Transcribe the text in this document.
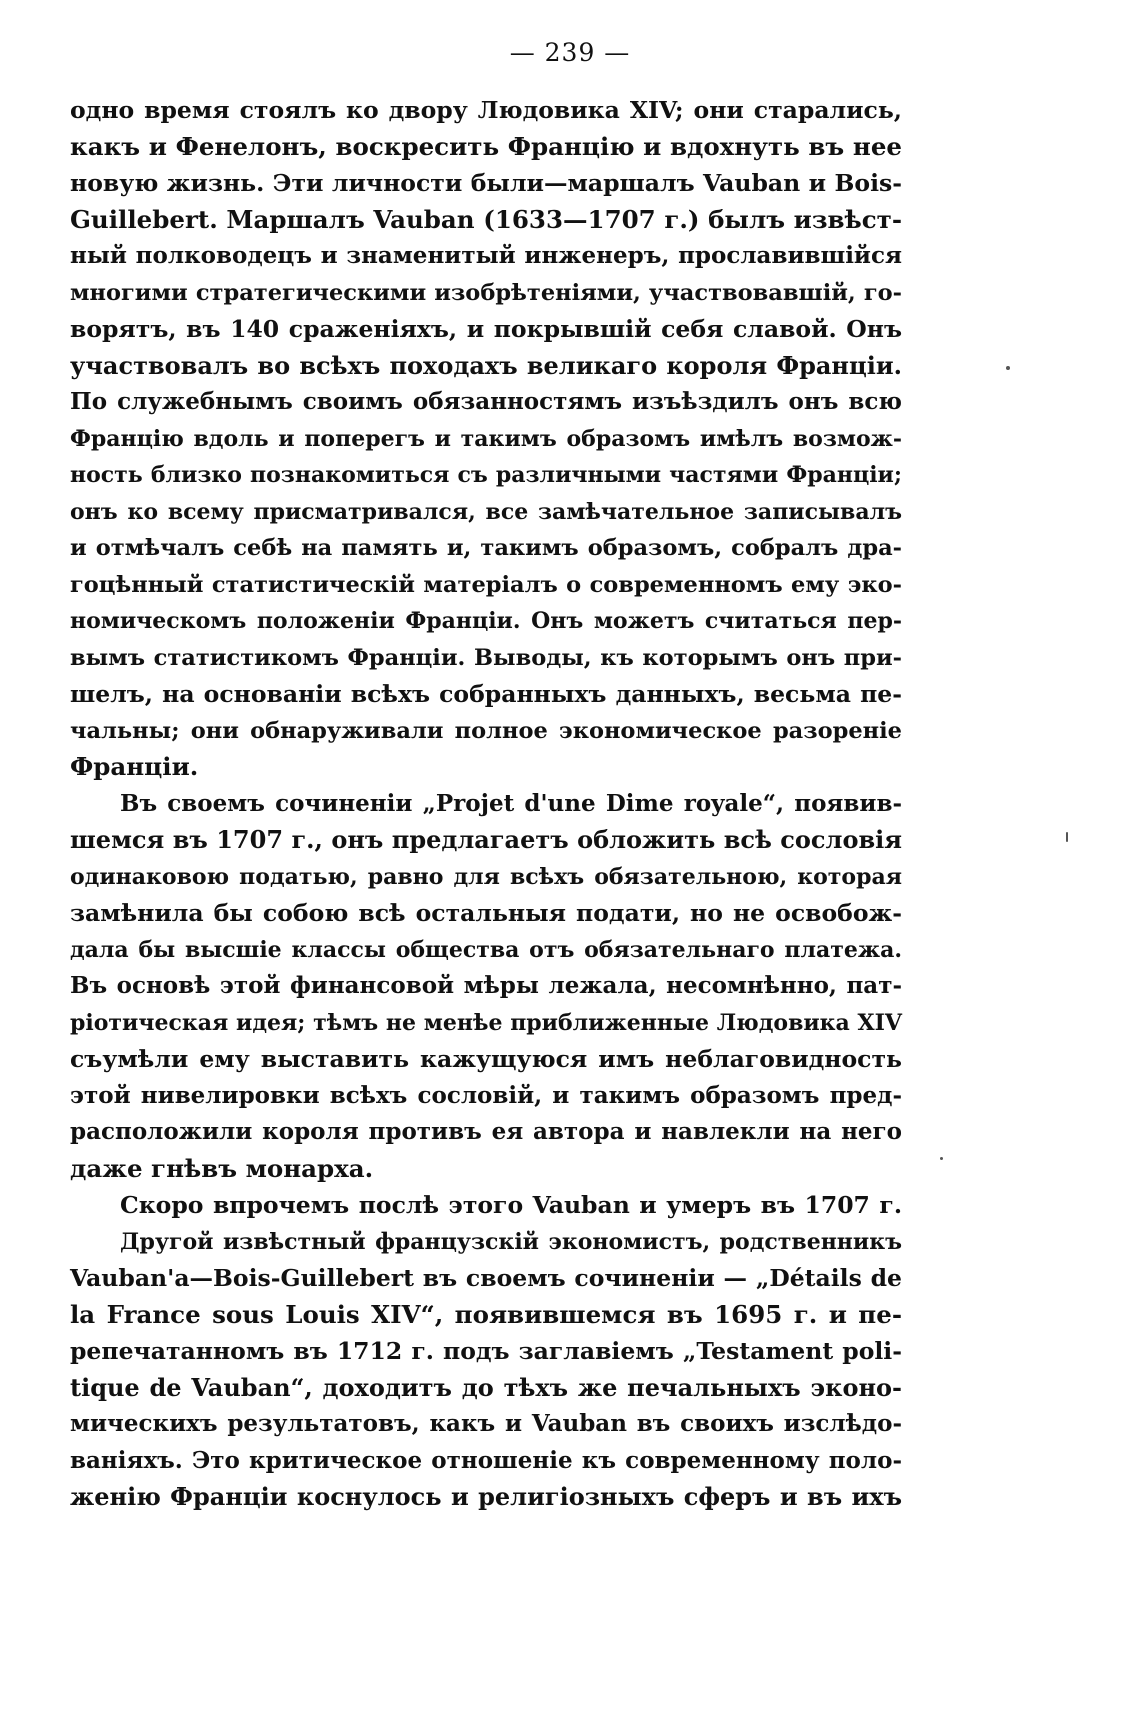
— 239 —
одно время стоялъ ко двору Людовика XIV; они старались,
какъ и Фенелонъ, воскресить Францію и вдохнуть въ нее
новую жизнь. Эти личности были—маршалъ Vauban и Bois-
Guillebert. Маршалъ Vauban (1633—1707 г.) былъ извѣст-
ный полководецъ и знаменитый инженеръ, прославившійся
многими стратегическими изобрѣтеніями, участвовавшій, го-
ворятъ, въ 140 сраженіяхъ, и покрывшій себя славой. Онъ
участвовалъ во всѣхъ походахъ великаго короля Франціи.
По служебнымъ своимъ обязанностямъ изъѣздилъ онъ всю
Францію вдоль и поперегъ и такимъ образомъ имѣлъ возмож-
ность близко познакомиться съ различными частями Франціи;
онъ ко всему присматривался, все замѣчательное записывалъ
и отмѣчалъ себѣ на память и, такимъ образомъ, собралъ дра-
гоцѣнный статистическій матеріалъ о современномъ ему эко-
номическомъ положеніи Франціи. Онъ можетъ считаться пер-
вымъ статистикомъ Франціи. Выводы, къ которымъ онъ при-
шелъ, на основаніи всѣхъ собранныхъ данныхъ, весьма пе-
чальны; они обнаруживали полное экономическое разореніе
Франціи.
Въ своемъ сочиненіи „Projet d'une Dime royale“, появив-
шемся въ 1707 г., онъ предлагаетъ обложить всѣ сословія
одинаковою податью, равно для всѣхъ обязательною, которая
замѣнила бы собою всѣ остальныя подати, но не освобож-
дала бы высшіе классы общества отъ обязательнаго платежа.
Въ основѣ этой финансовой мѣры лежала, несомнѣнно, пат-
ріотическая идея; тѣмъ не менѣе приближенные Людовика XIV
съумѣли ему выставить кажущуюся имъ неблаговидность
этой нивелировки всѣхъ сословій, и такимъ образомъ пред-
расположили короля противъ ея автора и навлекли на него
даже гнѣвъ монарха.
Скоро впрочемъ послѣ этого Vauban и умеръ въ 1707 г.
Другой извѣстный французскій экономистъ, родственникъ
Vauban'a—Bois-Guillebert въ своемъ сочиненіи — „Détails de
la France sous Louis XIV“, появившемся въ 1695 г. и пе-
репечатанномъ въ 1712 г. подъ заглавіемъ „Testament poli-
tique de Vauban“, доходитъ до тѣхъ же печальныхъ эконо-
мическихъ результатовъ, какъ и Vauban въ своихъ изслѣдо-
ваніяхъ. Это критическое отношеніе къ современному поло-
женію Франціи коснулось и религіозныхъ сферъ и въ ихъ
